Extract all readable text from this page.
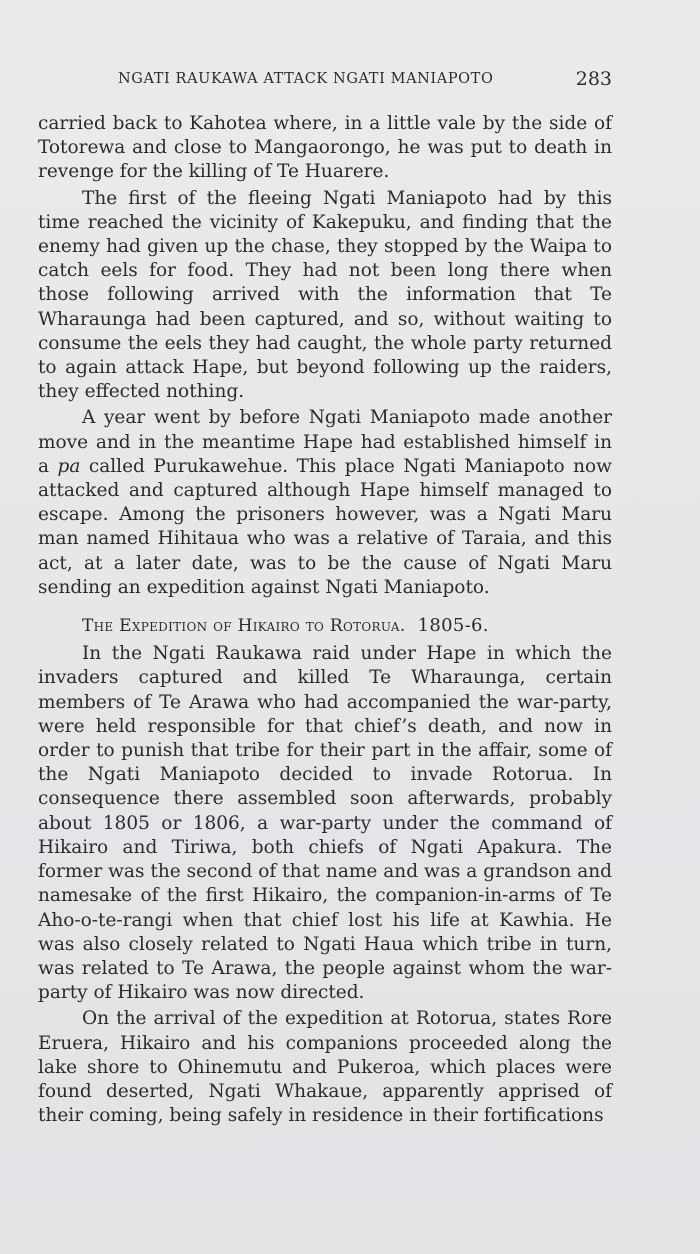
NGATI RAUKAWA ATTACK NGATI MANIAPOTO	283

carried back to Kahotea where, in a little vale by the side of Totorewa and close to Mangaorongo, he was put to death in revenge for the killing of Te Huarere.

The first of the fleeing Ngati Maniapoto had by this time reached the vicinity of Kakepuku, and finding that the enemy had given up the chase, they stopped by the Waipa to catch eels for food. They had not been long there when those following arrived with the information that Te Wharaunga had been captured, and so, without waiting to consume the eels they had caught, the whole party returned to again attack Hape, but beyond following up the raiders, they effected nothing.

A year went by before Ngati Maniapoto made another move and in the meantime Hape had established himself in a pa called Purukawehue. This place Ngati Maniapoto now attacked and captured although Hape himself managed to escape. Among the prisoners however, was a Ngati Maru man named Hihitaua who was a relative of Taraia, and this act, at a later date, was to be the cause of Ngati Maru sending an expedition against Ngati Maniapoto.

The Expedition of Hikairo to Rotorua. 1805-6.

In the Ngati Raukawa raid under Hape in which the invaders captured and killed Te Wharaunga, certain members of Te Arawa who had accompanied the war-party, were held responsible for that chief’s death, and now in order to punish that tribe for their part in the affair, some of the Ngati Maniapoto decided to invade Rotorua. In consequence there assembled soon afterwards, probably about 1805 or 1806, a war-party under the command of Hikairo and Tiriwa, both chiefs of Ngati Apakura. The former was the second of that name and was a grandson and namesake of the first Hikairo, the companion-in-arms of Te Aho-o-te-rangi when that chief lost his life at Kawhia. He was also closely related to Ngati Haua which tribe in turn, was related to Te Arawa, the people against whom the war-party of Hikairo was now directed.

On the arrival of the expedition at Rotorua, states Rore Eruera, Hikairo and his companions proceeded along the lake shore to Ohinemutu and Pukeroa, which places were found deserted, Ngati Whakaue, apparently apprised of their coming, being safely in residence in their fortifications
